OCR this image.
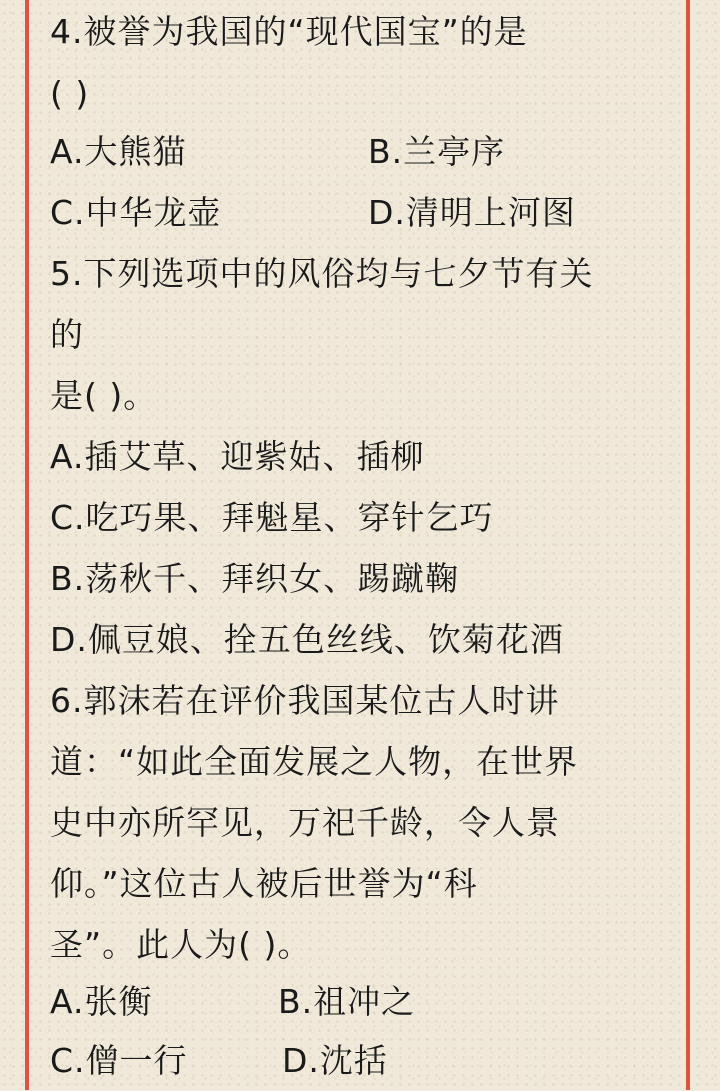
4.被誉为我国的“现代国宝”的是
( )
A.大熊猫	B.兰亭序
C.中华龙壶	D.清明上河图
5.下列选项中的风俗均与七夕节有关
的
是( )。
A.插艾草、迎紫姑、插柳
C.吃巧果、拜魁星、穿针乞巧
B.荡秋千、拜织女、踢蹴鞠
D.佩豆娘、拴五色丝线、饮菊花酒
6.郭沫若在评价我国某位古人时讲
道：“如此全面发展之人物，在世界
史中亦所罕见，万祀千龄，令人景
仰。”这位古人被后世誉为“科
圣”。此人为( )。
A.张衡	B.祖冲之
C.僧一行	D.沈括
